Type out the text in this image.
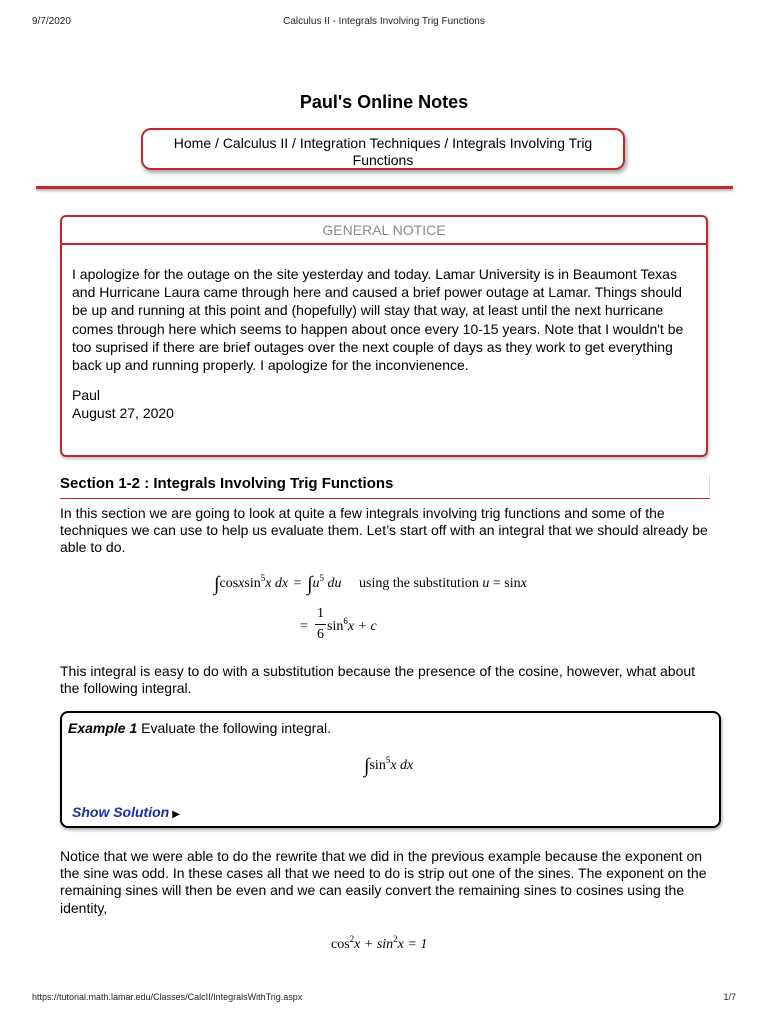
9/7/2020	Calculus II - Integrals Involving Trig Functions
Paul's Online Notes
Home / Calculus II / Integration Techniques / Integrals Involving Trig
Functions
GENERAL NOTICE

I apologize for the outage on the site yesterday and today. Lamar University is in Beaumont Texas and Hurricane Laura came through here and caused a brief power outage at Lamar. Things should be up and running at this point and (hopefully) will stay that way, at least until the next hurricane comes through here which seems to happen about once every 10-15 years. Note that I wouldn't be too suprised if there are brief outages over the next couple of days as they work to get everything back up and running properly. I apologize for the inconvienence.

Paul
August 27, 2020

Section 1-2 : Integrals Involving Trig Functions

In this section we are going to look at quite a few integrals involving trig functions and some of the techniques we can use to help us evaluate them. Let’s start off with an integral that we should already be able to do.

∫cosxsin$^5$x dx = $\int u^5$ du using the substitution u = sinx
=
1
6
$\sin^6x + c$

This integral is easy to do with a substitution because the presence of the cosine, however, what about the following integral.

Example 1 Evaluate the following integral.
$\int\sin^5x$ dx
Show Solution ▶

Notice that we were able to do the rewrite that we did in the previous example because the exponent on the sine was odd. In these cases all that we need to do is strip out one of the sines. The exponent on the remaining sines will then be even and we can easily convert the remaining sines to cosines using the identity,

$\cos^2x + \sin^2x = 1$
https://tutorial.math.lamar.edu/Classes/CalcII/IntegralsWithTrig.aspx	1/7
